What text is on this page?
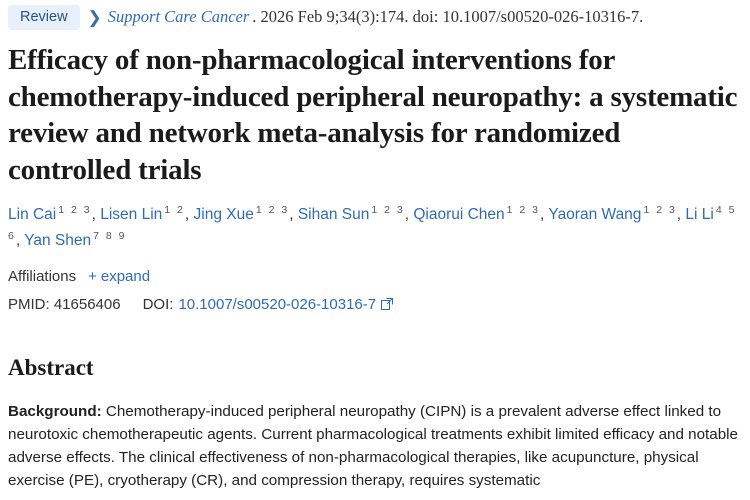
Review	❯ Support Care Cancer . 2026 Feb 9;34(3):174. doi: 10.1007/s00520-026-10316-7.
Efficacy of non-pharmacological interventions for chemotherapy-induced peripheral neuropathy: a systematic review and network meta-analysis for randomized controlled trials
Lin Cai $^{1 2 3}$, Lisen Lin $^{1 2}$, Jing Xue $^{1 2 3}$, Sihan Sun $^{1 2 3}$, Qiaorui Chen $^{1 2 3}$, Yaoran Wang $^{1 2 3}$, Li Li $^{4 5 6}$, Yan Shen $^{7 8 9}$
Affiliations + expand
PMID: 41656406 DOI: 10.1007/s00520-026-10316-7
Abstract
Background: Chemotherapy-induced peripheral neuropathy (CIPN) is a prevalent adverse effect linked to neurotoxic chemotherapeutic agents. Current pharmacological treatments exhibit limited efficacy and notable adverse effects. The clinical effectiveness of non-pharmacological therapies, like acupuncture, physical exercise (PE), cryotherapy (CR), and compression therapy, requires systematic
